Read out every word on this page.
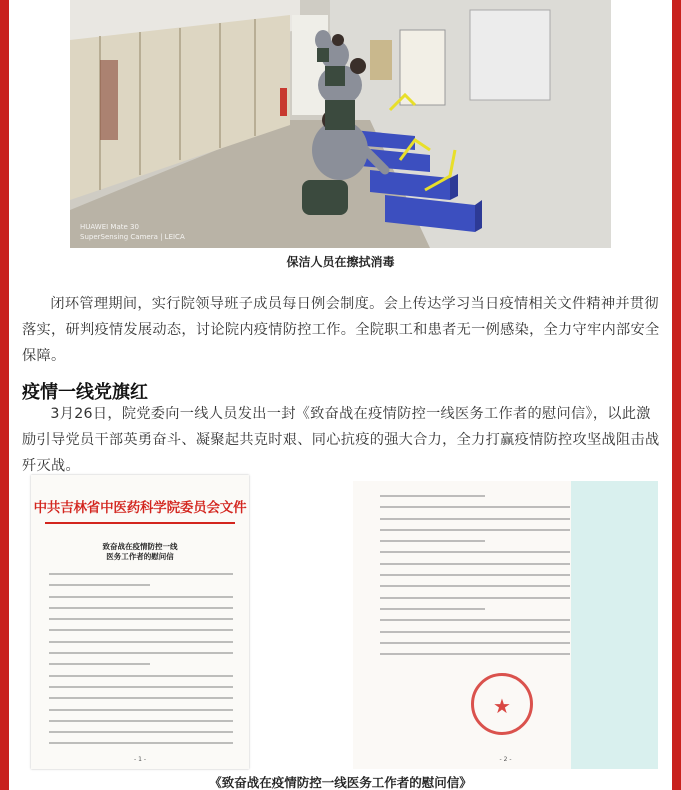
HUAWEI Mate 30
SuperSensing Camera | LEICA
保洁人员在擦拭消毒

闭环管理期间，实行院领导班子成员每日例会制度。会上传达学习当日疫情相关文件精神并贯彻落实，研判疫情发展动态，讨论院内疫情防控工作。全院职工和患者无一例感染，全力守牢内部安全保障。

疫情一线党旗红

3月26日，院党委向一线人员发出一封《致奋战在疫情防控一线医务工作者的慰问信》，以此激励引导党员干部英勇奋斗、凝聚起共克时艰、同心抗疫的强大合力，全力打赢疫情防控攻坚战阻击战歼灭战。

中共吉林省中医药科学院委员会文件
致奋战在疫情防控一线
医务工作者的慰问信
- 1 -
★
- 2 -
《致奋战在疫情防控一线医务工作者的慰问信》
